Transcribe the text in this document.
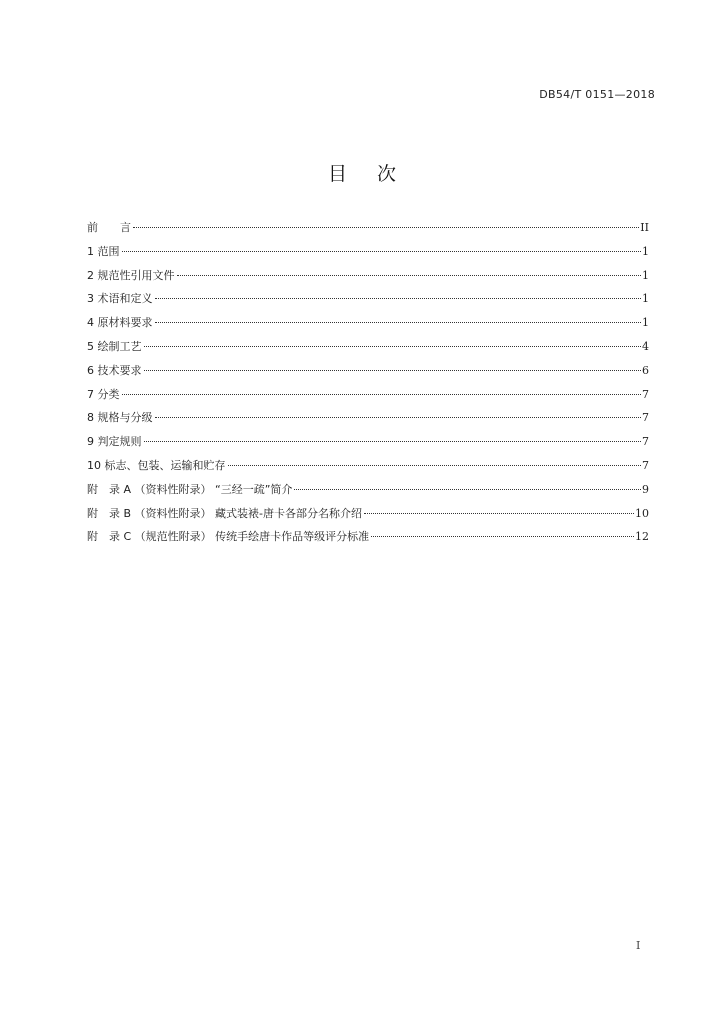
DB54/T 0151—2018
目次
前　　言	II
1 范围	1
2 规范性引用文件	1
3 术语和定义	1
4 原材料要求	1
5 绘制工艺	4
6 技术要求	6
7 分类	7
8 规格与分级	7
9 判定规则	7
10 标志、包装、运输和贮存	7
附　录 A （资料性附录） “三经一疏”简介	9
附　录 B （资料性附录） 藏式装裱-唐卡各部分名称介绍	10
附　录 C （规范性附录） 传统手绘唐卡作品等级评分标准	12
I
